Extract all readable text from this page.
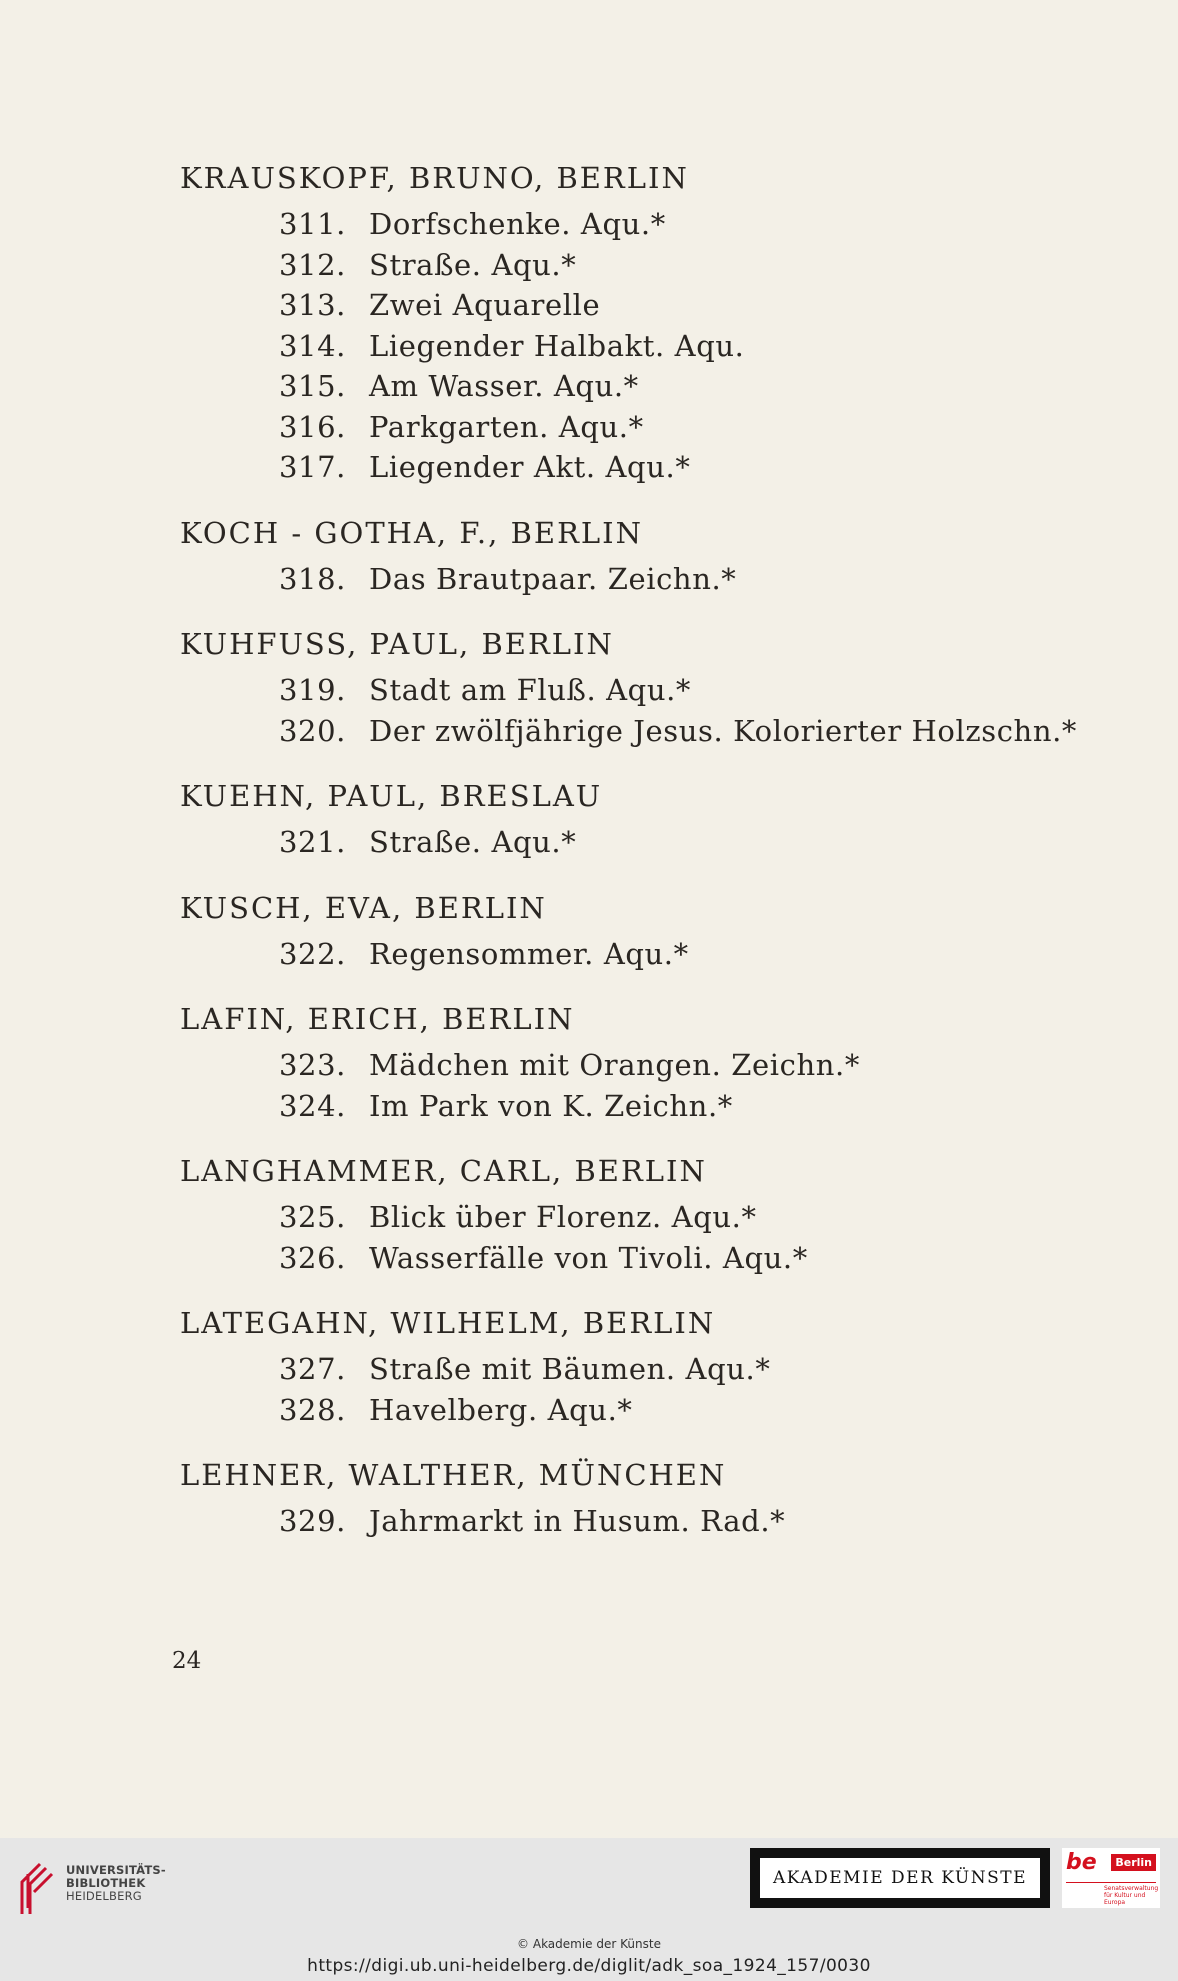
KRAUSKOPF, BRUNO, BERLIN
311. Dorfschenke. Aqu.*
312. Straße. Aqu.*
313. Zwei Aquarelle
314. Liegender Halbakt. Aqu.
315. Am Wasser. Aqu.*
316. Parkgarten. Aqu.*
317. Liegender Akt. Aqu.*
KOCH - GOTHA, F., BERLIN
318. Das Brautpaar. Zeichn.*
KUHFUSS, PAUL, BERLIN
319. Stadt am Fluß. Aqu.*
320. Der zwölfjährige Jesus. Kolorierter Holzschn.*
KUEHN, PAUL, BRESLAU
321. Straße. Aqu.*
KUSCH, EVA, BERLIN
322. Regensommer. Aqu.*
LAFIN, ERICH, BERLIN
323. Mädchen mit Orangen. Zeichn.*
324. Im Park von K. Zeichn.*
LANGHAMMER, CARL, BERLIN
325. Blick über Florenz. Aqu.*
326. Wasserfälle von Tivoli. Aqu.*
LATEGAHN, WILHELM, BERLIN
327. Straße mit Bäumen. Aqu.*
328. Havelberg. Aqu.*
LEHNER, WALTHER, MÜNCHEN
329. Jahrmarkt in Husum. Rad.*
24
UNIVERSITÄTS-
BIBLIOTHEK
HEIDELBERG
AKADEMIE DER KÜNSTE
be	Berlin
Senatsverwaltung
für Kultur und Europa
© Akademie der Künste
https://digi.ub.uni-heidelberg.de/diglit/adk_soa_1924_157/0030
